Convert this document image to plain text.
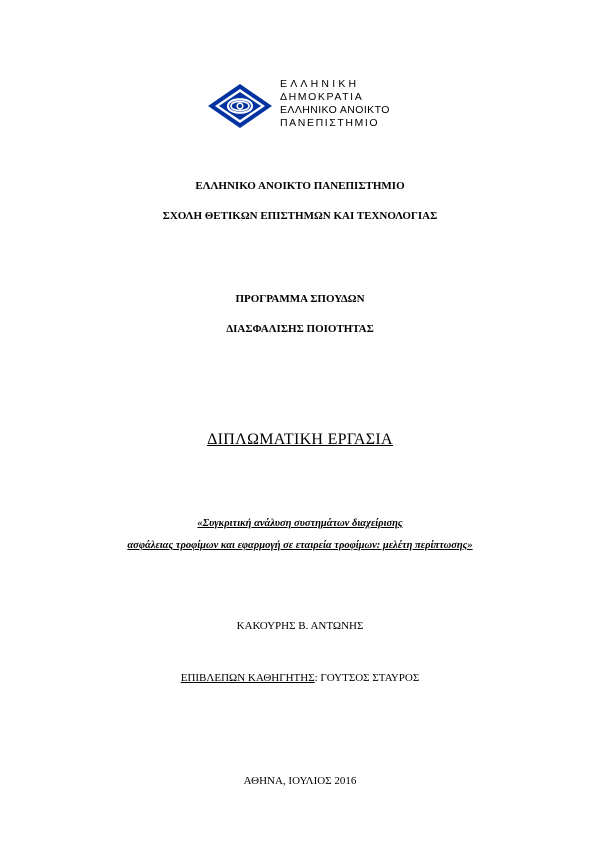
ΕΛΛΗΝΙΚΗ
ΔΗΜΟΚΡΑΤΙΑ
ΕΛΛΗΝΙΚΟ ΑΝΟΙΚΤΟ
ΠΑΝΕΠΙΣΤΗΜΙΟ
ΕΛΛΗΝΙΚΟ ΑΝΟΙΚΤΟ ΠΑΝΕΠΙΣΤΗΜΙΟ
ΣΧΟΛΗ ΘΕΤΙΚΩΝ ΕΠΙΣΤΗΜΩΝ ΚΑΙ ΤΕΧΝΟΛΟΓΙΑΣ
ΠΡΟΓΡΑΜΜΑ ΣΠΟΥΔΩΝ
ΔΙΑΣΦΑΛΙΣΗΣ ΠΟΙΟΤΗΤΑΣ
ΔΙΠΛΩΜΑΤΙΚΗ ΕΡΓΑΣΙΑ
«Συγκριτική ανάλυση συστημάτων διαχείρισης
ασφάλειας τροφίμων και εφαρμογή σε εταιρεία τροφίμων: μελέτη περίπτωσης»
ΚΑΚΟΥΡΗΣ Β. ΑΝΤΩΝΗΣ
ΕΠΙΒΛΕΠΩΝ ΚΑΘΗΓΗΤΗΣ: ΓΟΥΤΣΟΣ ΣΤΑΥΡΟΣ
ΑΘΗΝΑ, ΙΟΥΛΙΟΣ 2016
